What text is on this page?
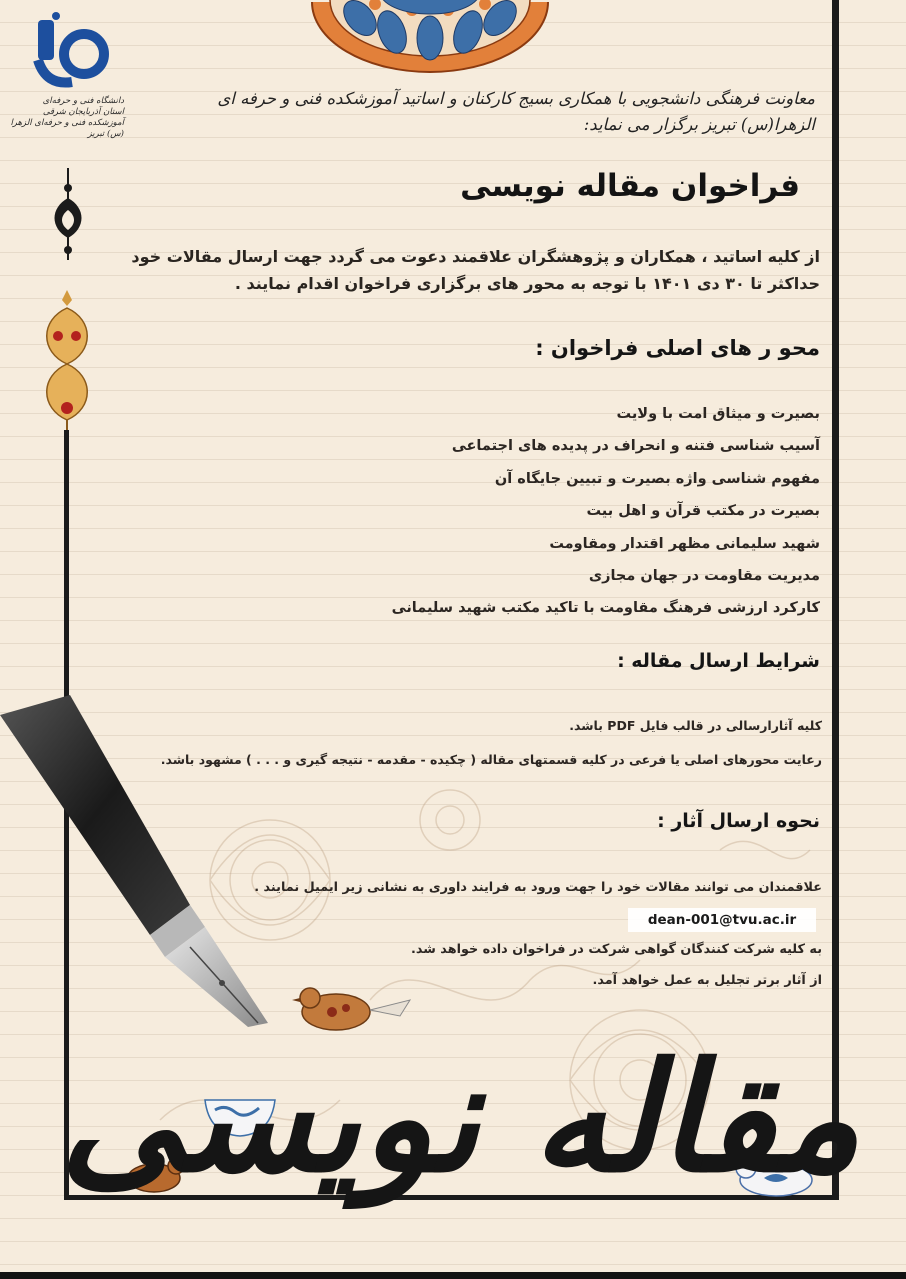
دانشگاه فنی و حرفه‌ای
استان آذربایجان شرقی
آموزشکده فنی و حرفه‌ای الزهرا (س) تبریز
معاونت فرهنگی دانشجویی با همکاری بسیج کارکنان و اساتید آموزشکده فنی و حرفه ای
الزهرا(س) تبریز برگزار می نماید:
فراخوان مقاله نویسی
از کلیه اساتید ، همکاران و پژوهشگران علاقمند دعوت می گردد جهت ارسال مقالات خود
حداکثر تا ۳۰ دی ۱۴۰۱ با توجه به محور های برگزاری فراخوان اقدام نمایند .
محو ر های اصلی فراخوان :
بصیرت و میثاق امت با ولایت
آسیب شناسی فتنه و انحراف در پدیده های اجتماعی
مفهوم شناسی واژه بصیرت و تبیین جایگاه آن
بصیرت در مکتب قرآن و اهل بیت
شهید سلیمانی مظهر اقتدار ومقاومت
مدیریت مقاومت در جهان مجازی
کارکرد ارزشی فرهنگ مقاومت با تاکید مکتب شهید سلیمانی
شرایط ارسال مقاله :
کلیه آثارارسالی در قالب فایل PDF باشد.
رعایت محورهای اصلی یا فرعی در کلیه قسمتهای مقاله ( چکیده - مقدمه - نتیجه گیری و . . . ) مشهود باشد.
مقاله نویسی
نحوه ارسال آثار :
علاقمندان می توانند مقالات خود را جهت ورود به فرایند داوری به نشانی زیر ایمیل نمایند .
dean-001@tvu.ac.ir
به کلیه شرکت کنندگان گواهی شرکت در فراخوان داده خواهد شد.
از آثار برتر تجلیل به عمل خواهد آمد.
